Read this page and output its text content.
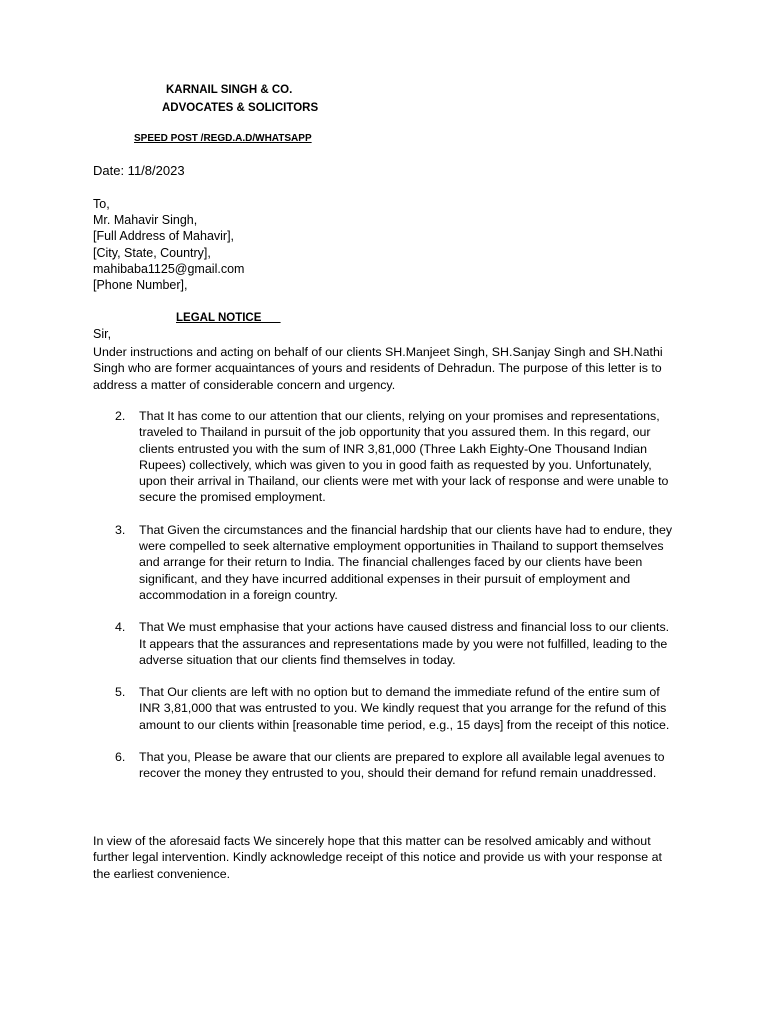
KARNAIL SINGH & CO.
ADVOCATES & SOLICITORS
SPEED POST /REGD.A.D/WHATSAPP
Date: 11/8/2023
To,
Mr. Mahavir Singh,
[Full Address of Mahavir],
[City, State, Country],
mahibaba1125@gmail.com
[Phone Number],
LEGAL NOTICE
Sir,
Under instructions and acting on behalf of our clients SH.Manjeet Singh, SH.Sanjay Singh and SH.Nathi Singh who are former acquaintances of yours and residents of Dehradun. The purpose of this letter is to address a matter of considerable concern and urgency.
2. That It has come to our attention that our clients, relying on your promises and representations, traveled to Thailand in pursuit of the job opportunity that you assured them. In this regard, our clients entrusted you with the sum of INR 3,81,000 (Three Lakh Eighty-One Thousand Indian Rupees) collectively, which was given to you in good faith as requested by you. Unfortunately, upon their arrival in Thailand, our clients were met with your lack of response and were unable to secure the promised employment.
3. That Given the circumstances and the financial hardship that our clients have had to endure, they were compelled to seek alternative employment opportunities in Thailand to support themselves and arrange for their return to India. The financial challenges faced by our clients have been significant, and they have incurred additional expenses in their pursuit of employment and accommodation in a foreign country.
4. That We must emphasise that your actions have caused distress and financial loss to our clients. It appears that the assurances and representations made by you were not fulfilled, leading to the adverse situation that our clients find themselves in today.
5. That Our clients are left with no option but to demand the immediate refund of the entire sum of INR 3,81,000 that was entrusted to you. We kindly request that you arrange for the refund of this amount to our clients within [reasonable time period, e.g., 15 days] from the receipt of this notice.
6. That you, Please be aware that our clients are prepared to explore all available legal avenues to recover the money they entrusted to you, should their demand for refund remain unaddressed.
In view of the aforesaid facts We sincerely hope that this matter can be resolved amicably and without further legal intervention. Kindly acknowledge receipt of this notice and provide us with your response at the earliest convenience.
